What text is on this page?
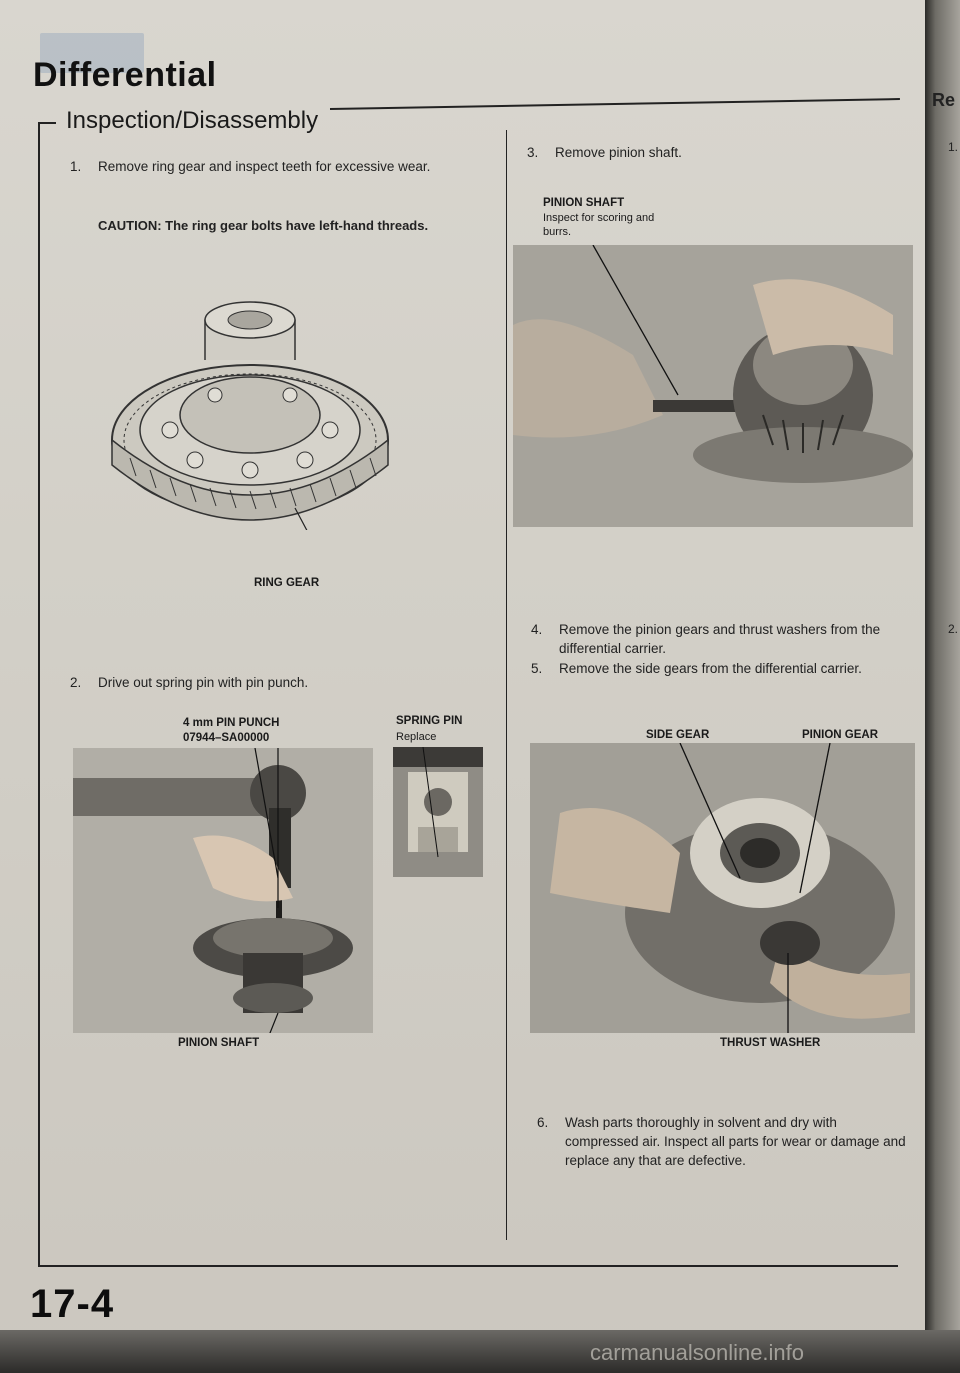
Re
1.
2.
Differential
Inspection/Disassembly
1. Remove ring gear and inspect teeth for excessive wear.
CAUTION: The ring gear bolts have left-hand threads.
RING GEAR
2. Drive out spring pin with pin punch.
4 mm PIN PUNCH
07944–SA00000
SPRING PIN
Replace
PINION SHAFT
3. Remove pinion shaft.
PINION SHAFT
Inspect for scoring and burrs.
4. Remove the pinion gears and thrust washers from the differential carrier.
5. Remove the side gears from the differential carrier.
SIDE GEAR	PINION GEAR
THRUST WASHER
6. Wash parts thoroughly in solvent and dry with compressed air. Inspect all parts for wear or damage and replace any that are defective.
17-4
carmanualsonline.info
